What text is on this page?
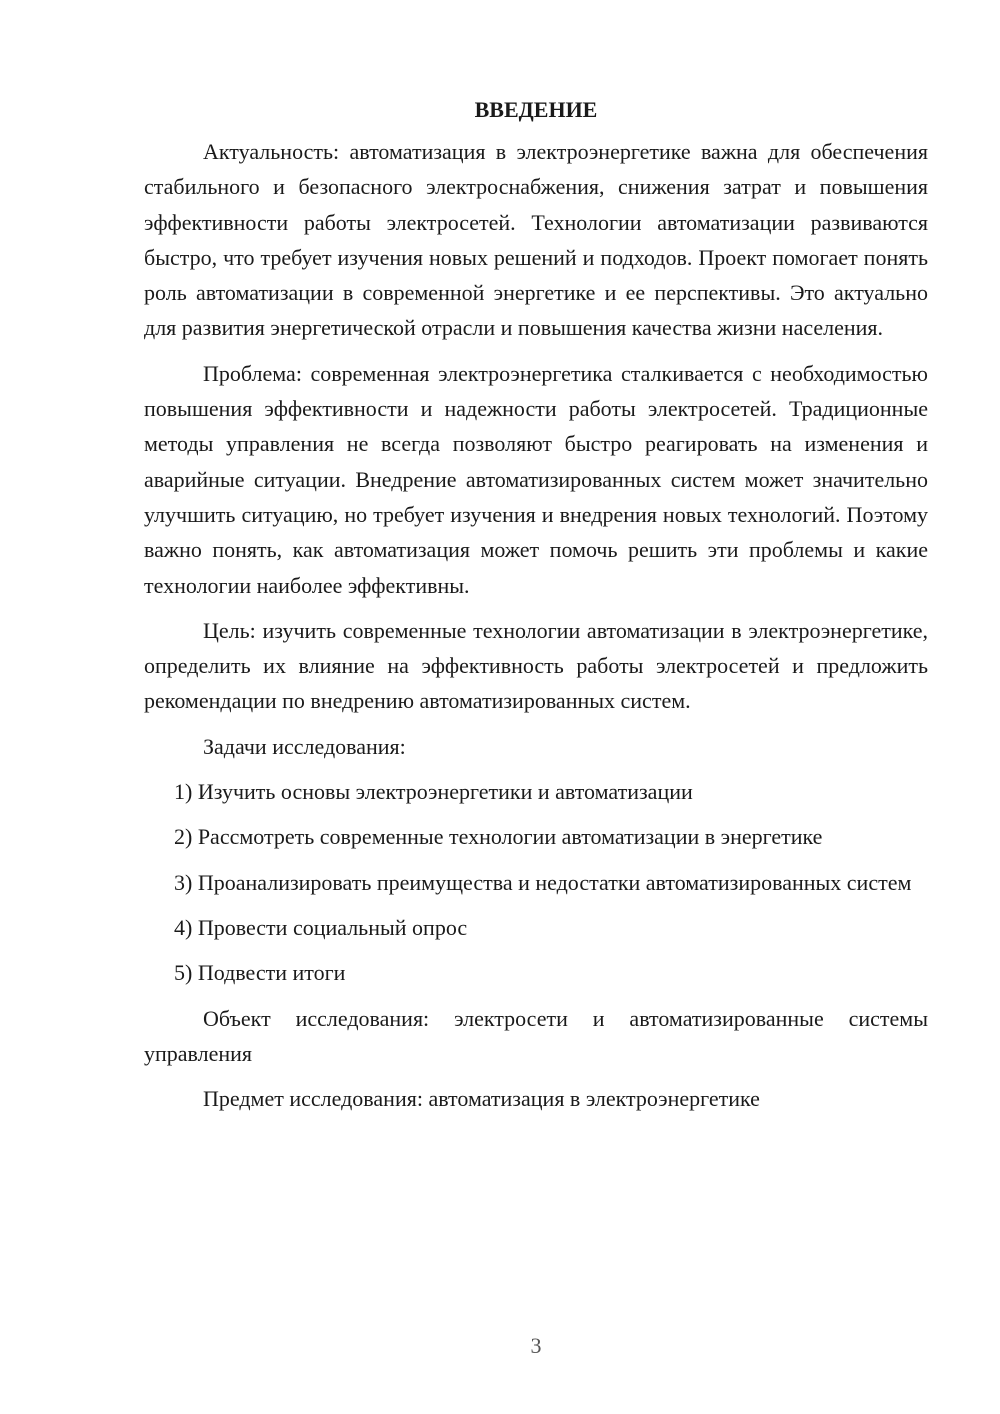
ВВЕДЕНИЕ

Актуальность: автоматизация в электроэнергетике важна для обеспечения стабильного и безопасного электроснабжения, снижения затрат и повышения эффективности работы электросетей. Технологии автоматизации развиваются быстро, что требует изучения новых решений и подходов. Проект помогает понять роль автоматизации в современной энергетике и ее перспективы. Это актуально для развития энергетической отрасли и повышения качества жизни населения.

Проблема: современная электроэнергетика сталкивается с необходимостью повышения эффективности и надежности работы электросетей. Традиционные методы управления не всегда позволяют быстро реагировать на изменения и аварийные ситуации. Внедрение автоматизированных систем может значительно улучшить ситуацию, но требует изучения и внедрения новых технологий. Поэтому важно понять, как автоматизация может помочь решить эти проблемы и какие технологии наиболее эффективны.

Цель: изучить современные технологии автоматизации в электроэнергетике, определить их влияние на эффективность работы электросетей и предложить рекомендации по внедрению автоматизированных систем.

Задачи исследования:

1) Изучить основы электроэнергетики и автоматизации

2) Рассмотреть современные технологии автоматизации в энергетике

3) Проанализировать преимущества и недостатки автоматизированных систем

4) Провести социальный опрос

5) Подвести итоги

Объект исследования: электросети и автоматизированные системы управления

Предмет исследования: автоматизация в электроэнергетике

3
